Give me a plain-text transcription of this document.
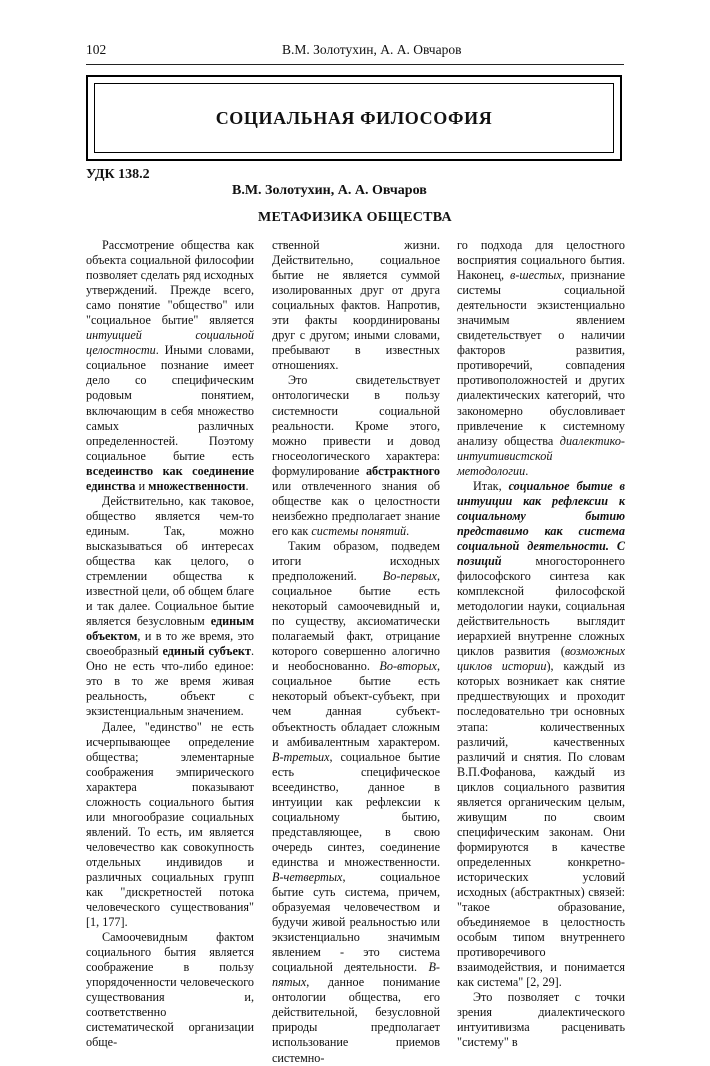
102	В.М. Золотухин, А. А. Овчаров
СОЦИАЛЬНАЯ ФИЛОСОФИЯ
УДК 138.2
В.М. Золотухин, А. А. Овчаров
МЕТАФИЗИКА ОБЩЕСТВА

Рассмотрение общества как объекта социальной философии позволяет сделать ряд исходных утверждений. Прежде всего, само понятие "общество" или "социальное бытие" является интуицией социальной целостности. Иными словами, социальное познание имеет дело со специфическим родовым понятием, включающим в себя множество самых различных определенностей. Поэтому социальное бытие есть вседеинство как соединение единства и множественности.

Действительно, как таковое, общество является чем-то единым. Так, можно высказываться об интересах общества как целого, о стремлении общества к известной цели, об общем благе и так далее. Социальное бытие является безусловным единым объектом, и в то же время, это своеобразный единый субъект. Оно не есть что-либо единое: это в то же время живая реальность, объект с экзистенциальным значением.

Далее, "единство" не есть исчерпывающее определение общества; элементарные соображения эмпирического характера показывают сложность социального бытия или многообразие социальных явлений. То есть, им является человечество как совокупность отдельных индивидов и различных социальных групп как "дискретностей потока человеческого существования" [1, 177].

Самоочевидным фактом социального бытия является соображение в пользу упорядоченности человеческого существования и, соответственно систематической организации обще-

ственной жизни. Действительно, социальное бытие не является суммой изолированных друг от друга социальных фактов. Напротив, эти факты координированы друг с другом; иными словами, пребывают в известных отношениях.

Это свидетельствует онтологически в пользу системности социальной реальности. Кроме этого, можно привести и довод гносеологического характера: формулирование абстрактного или отвлеченного знания об обществе как о целостности неизбежно предполагает знание его как системы понятий.

Таким образом, подведем итоги исходных предположений. Во-первых, социальное бытие есть некоторый самоочевидный и, по существу, аксиоматически полагаемый факт, отрицание которого совершенно алогично и необоснованно. Во-вторых, социальное бытие есть некоторый объект-субъект, при чем данная субъект-объектность обладает сложным и амбивалентным характером. В-третьих, социальное бытие есть специфическое всеединство, данное в интуиции как рефлексии к социальному бытию, представляющее, в свою очередь синтез, соединение единства и множественности. В-четвертых, социальное бытие суть система, причем, образуемая человечеством и будучи живой реальностью или экзистенциально значимым явлением - это система социальной деятельности. В-пятых, данное понимание онтологии общества, его действительной, безусловной природы предполагает использование приемов системно-

го подхода для целостного восприятия социального бытия. Наконец, в-шестых, признание системы социальной деятельности экзистенциально значимым явлением свидетельствует о наличии факторов развития, противоречий, совпадения противоположностей и других диалектических категорий, что закономерно обусловливает привлечение к системному анализу общества диалектико-интуитивистской методологии.

Итак, социальное бытие в интуиции как рефлексии к социальному бытию представимо как система социальной деятельности. С позиций многостороннего философского синтеза как комплексной философской методологии науки, социальная действительность выглядит иерархией внутренне сложных циклов развития (возможных циклов истории), каждый из которых возникает как снятие предшествующих и проходит последовательно три основных этапа: количественных различий, качественных различий и снятия. По словам В.П.Фофанова, каждый из циклов социального развития является органическим целым, живущим по своим специфическим законам. Они формируются в качестве определенных конкретно-исторических условий исходных (абстрактных) связей: "такое образование, объединяемое в целостность особым типом внутреннего противоречивого взаимодействия, и понимается как система" [2, 29].

Это позволяет с точки зрения диалектического интуитивизма расценивать "систему" в
